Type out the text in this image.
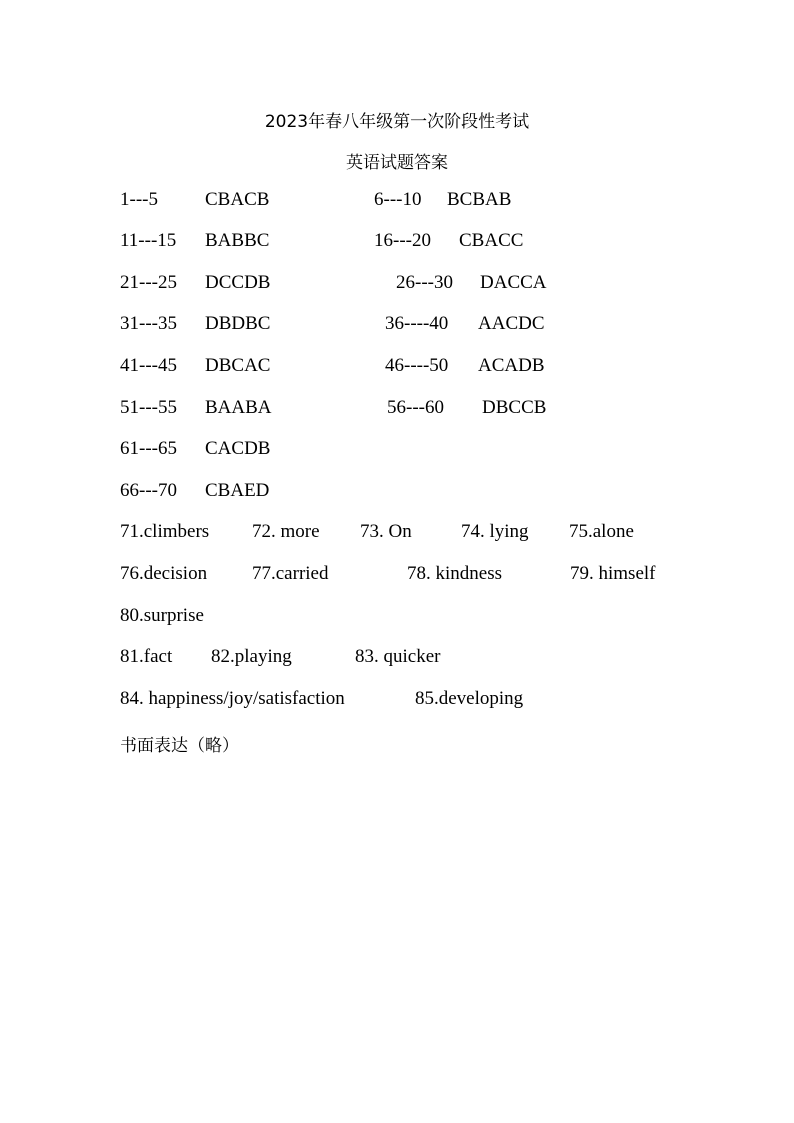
2023年春八年级第一次阶段性考试
英语试题答案
1---5 CBACB	6---10 BCBAB
11---15 BABBC	16---20 CBACC
21---25 DCCDB	26---30 DACCA
31---35 DBDBC	36----40 AACDC
41---45 DBCAC	46----50 ACADB
51---55 BAABA	56---60 DBCCB
61---65 CACDB
66---70 CBAED
71.climbers 72. more 73. On	74. lying 75.alone
76.decision 77.carried	78. kindness	79. himself
80.surprise
81.fact 82.playing	83. quicker
84. happiness/joy/satisfaction	85.developing
书面表达（略）
